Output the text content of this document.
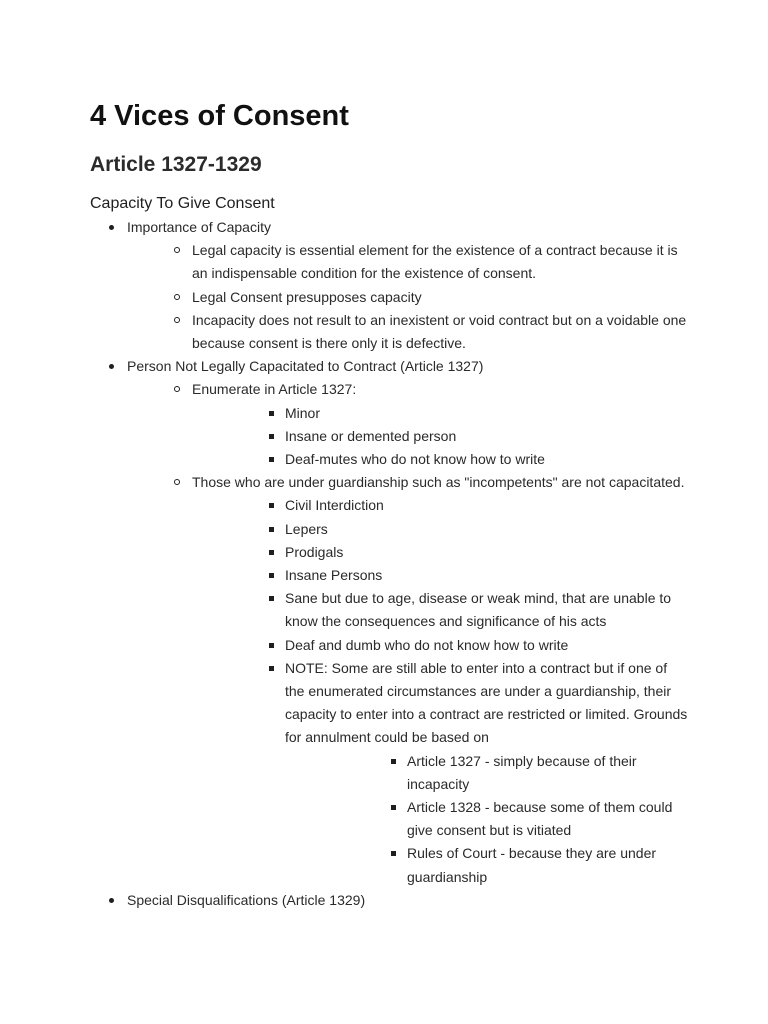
4 Vices of Consent
Article 1327-1329
Capacity To Give Consent
Importance of Capacity
Legal capacity is essential element for the existence of a contract because it is an indispensable condition for the existence of consent.
Legal Consent presupposes capacity
Incapacity does not result to an inexistent or void contract but on a voidable one because consent is there only it is defective.
Person Not Legally Capacitated to Contract (Article 1327)
Enumerate in Article 1327:
Minor
Insane or demented person
Deaf-mutes who do not know how to write
Those who are under guardianship such as "incompetents" are not capacitated.
Civil Interdiction
Lepers
Prodigals
Insane Persons
Sane but due to age, disease or weak mind, that are unable to know the consequences and significance of his acts
Deaf and dumb who do not know how to write
NOTE: Some are still able to enter into a contract but if one of the enumerated circumstances are under a guardianship, their capacity to enter into a contract are restricted or limited. Grounds for annulment could be based on
Article 1327 - simply because of their incapacity
Article 1328 - because some of them could give consent but is vitiated
Rules of Court - because they are under guardianship
Special Disqualifications (Article 1329)
